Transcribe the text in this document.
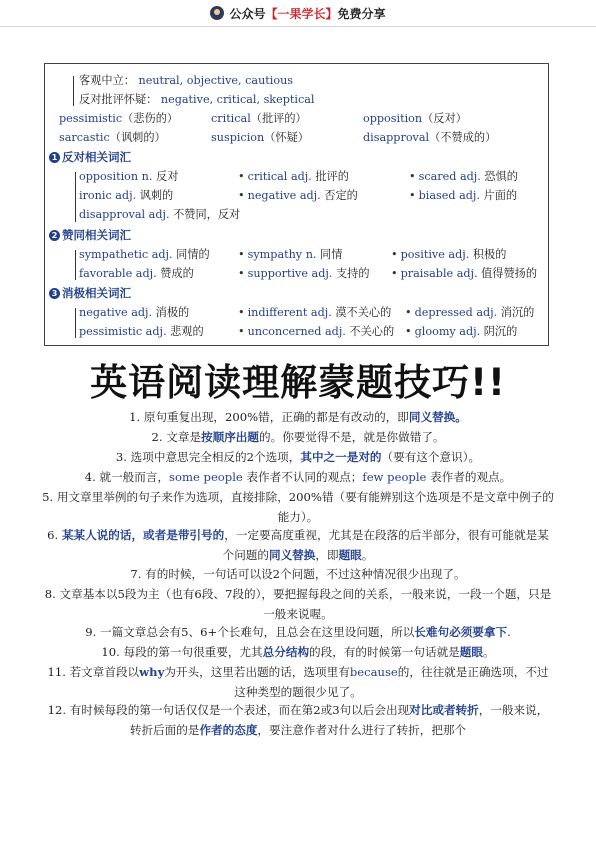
公众号 【 一果学长 】 免费分享
客观中立： neutral, objective, cautious
反对批评怀疑： negative, critical, skeptical
pessimistic（悲伤的）	critical（批评的）	opposition（反对）
sarcastic（讽刺的）	suspicion（怀疑）	disapproval（不赞成的）
1 反对相关词汇
opposition n. 反对	• critical adj. 批评的	• scared adj. 恐惧的
ironic adj. 讽刺的	• negative adj. 否定的	• biased adj. 片面的
disapproval adj. 不赞同，反对
2 赞同相关词汇
sympathetic adj. 同情的	• sympathy n. 同情	• positive adj. 积极的
favorable adj. 赞成的	• supportive adj. 支持的	• praisable adj. 值得赞扬的
3 消极相关词汇
negative adj. 消极的	• indifferent adj. 漠不关心的	• depressed adj. 消沉的
pessimistic adj. 悲观的	• unconcerned adj. 不关心的	• gloomy adj. 阴沉的
英语阅读理解蒙题技巧!!
1. 原句重复出现，200%错，正确的都是有改动的，即同义替换。
2. 文章是按顺序出题的。你要觉得不是，就是你做错了。
3. 选项中意思完全相反的2个选项，其中之一是对的（要有这个意识）。
4. 就一般而言，some people 表作者不认同的观点；few people 表作者的观点。
5. 用文章里举例的句子来作为选项，直接排除，200%错（要有能辨别这个选项是不是文章中例子的能力）。
6. 某某人说的话，或者是带引号的，一定要高度重视，尤其是在段落的后半部分，很有可能就是某个问题的同义替换，即题眼。
7. 有的时候，一句话可以设2个问题，不过这种情况很少出现了。
8. 文章基本以5段为主（也有6段、7段的），要把握每段之间的关系，一般来说，一段一个题，只是一般来说喔。
9. 一篇文章总会有5、6+个长难句，且总会在这里设问题，所以长难句必须要拿下.
10. 每段的第一句很重要，尤其总分结构的段，有的时候第一句话就是题眼。
11. 若文章首段以why为开头，这里若出题的话，选项里有because的，往往就是正确选项，不过这种类型的题很少见了。
12. 有时候每段的第一句话仅仅是一个表述，而在第2或3句以后会出现对比或者转折，一般来说，转折后面的是作者的态度，要注意作者对什么进行了转折，把那个
